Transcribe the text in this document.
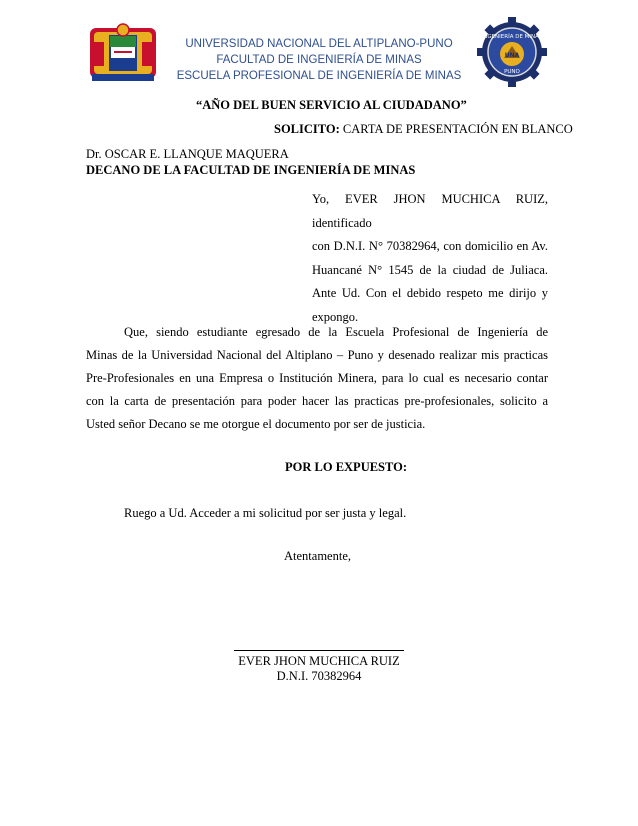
UNIVERSIDAD NACIONAL DEL ALTIPLANO-PUNO
FACULTAD DE INGENIERÍA DE MINAS
ESCUELA PROFESIONAL DE INGENIERÍA DE MINAS
INGENIERÍA DE MINAS
UNA
PUNO
“AÑO DEL BUEN SERVICIO AL CIUDADANO”
SOLICITO: CARTA DE PRESENTACIÓN EN BLANCO
Dr. OSCAR E. LLANQUE MAQUERA
DECANO DE LA FACULTAD DE INGENIERÍA DE MINAS
Yo, EVER JHON MUCHICA RUIZ, identificado
con D.N.I. N° 70382964, con domicilio en Av.
Huancané N° 1545 de la ciudad de Juliaca.
Ante Ud. Con el debido respeto me dirijo y
expongo.
Que, siendo estudiante egresado de la Escuela Profesional de Ingeniería de
Minas de la Universidad Nacional del Altiplano – Puno y desenado realizar mis practicas
Pre-Profesionales en una Empresa o Institución Minera, para lo cual es necesario contar
con la carta de presentación para poder hacer las practicas pre-profesionales, solicito a
Usted señor Decano se me otorgue el documento por ser de justicia.
POR LO EXPUESTO:
Ruego a Ud. Acceder a mi solicitud por ser justa y legal.
Atentamente,
EVER JHON MUCHICA RUIZ
D.N.I. 70382964
